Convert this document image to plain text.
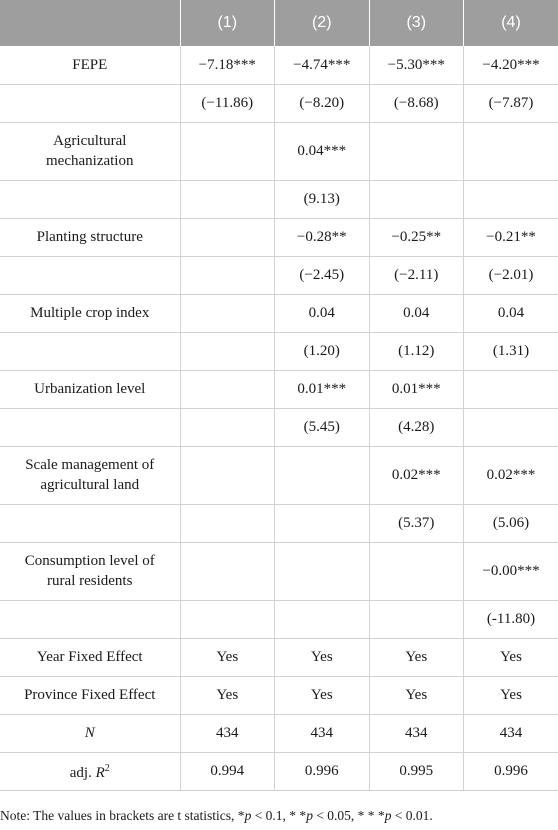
	(1)	(2)	(3)	(4)

FEPE	−7.18***	−4.74***	−5.30***	−4.20***

	(−11.86)	(−8.20)	(−8.68)	(−7.87)

Agricultural mechanization		0.04***		

		(9.13)		

Planting structure		−0.28**	−0.25**	−0.21**

		(−2.45)	(−2.11)	(−2.01)

Multiple crop index		0.04	0.04	0.04

		(1.20)	(1.12)	(1.31)

Urbanization level		0.01***	0.01***	

		(5.45)	(4.28)	

Scale management of agricultural land			0.02***	0.02***

			(5.37)	(5.06)

Consumption level of rural residents				−0.00***

				(-11.80)

Year Fixed Effect	Yes	Yes	Yes	Yes

Province Fixed Effect	Yes	Yes	Yes	Yes

N	434	434	434	434

adj. $R^2$	0.994	0.996	0.995	0.996
Note: The values in brackets are t statistics, *p < 0.1, * *p < 0.05, * * *p < 0.01.
